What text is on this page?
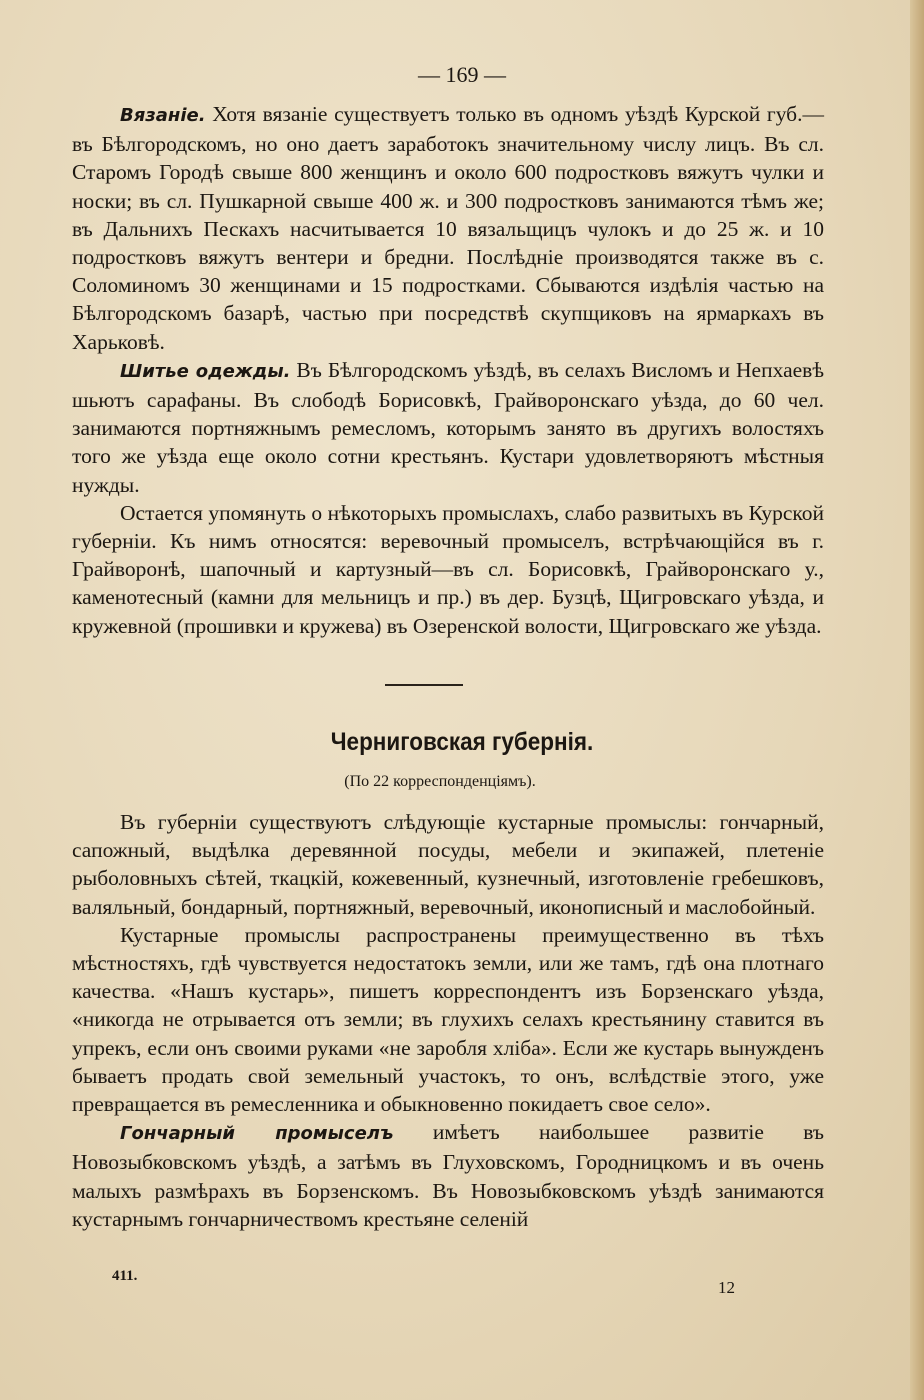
— 169 —

Вязаніе. Хотя вязаніе существуетъ только въ одномъ уѣздѣ Курской губ.—въ Бѣлгородскомъ, но оно даетъ заработокъ значительному числу лицъ. Въ сл. Старомъ Городѣ свыше 800 женщинъ и около 600 подростковъ вяжутъ чулки и носки; въ сл. Пушкарной свыше 400 ж. и 300 подростковъ занимаются тѣмъ же; въ Дальнихъ Пескахъ насчитывается 10 вязальщицъ чулокъ и до 25 ж. и 10 подростковъ вяжутъ вентери и бредни. Послѣдніе производятся также въ с. Соломиномъ 30 женщинами и 15 подростками. Сбываются издѣлія частью на Бѣлгородскомъ базарѣ, частью при посредствѣ скупщиковъ на ярмаркахъ въ Харьковѣ.

Шитье одежды. Въ Бѣлгородскомъ уѣздѣ, въ селахъ Висломъ и Непхаевѣ шьютъ сарафаны. Въ слободѣ Борисовкѣ, Грайворонскаго уѣзда, до 60 чел. занимаются портняжнымъ ремесломъ, которымъ занято въ другихъ волостяхъ того же уѣзда еще около сотни крестьянъ. Кустари удовлетворяютъ мѣстныя нужды.

Остается упомянуть о нѣкоторыхъ промыслахъ, слабо развитыхъ въ Курской губерніи. Къ нимъ относятся: веревочный промыселъ, встрѣчающійся въ г. Грайворонѣ, шапочный и картузный—въ сл. Борисовкѣ, Грайворонскаго у., каменотесный (камни для мельницъ и пр.) въ дер. Бузцѣ, Щигровскаго уѣзда, и кружевной (прошивки и кружева) въ Озеренской волости, Щигровскаго же уѣзда.

Черниговская губернія.
(По 22 корреспонденціямъ).

Въ губерніи существуютъ слѣдующіе кустарные промыслы: гончарный, сапожный, выдѣлка деревянной посуды, мебели и экипажей, плетеніе рыболовныхъ сѣтей, ткацкій, кожевенный, кузнечный, изготовленіе гребешковъ, валяльный, бондарный, портняжный, веревочный, иконописный и маслобойный.

Кустарные промыслы распространены преимущественно въ тѣхъ мѣстностяхъ, гдѣ чувствуется недостатокъ земли, или же тамъ, гдѣ она плотнаго качества. «Нашъ кустарь», пишетъ корреспондентъ изъ Борзенскаго уѣзда, «никогда не отрывается отъ земли; въ глухихъ селахъ крестьянину ставится въ упрекъ, если онъ своими руками «не заробля хліба». Если же кустарь вынужденъ бываетъ продать свой земельный участокъ, то онъ, вслѣдствіе этого, уже превращается въ ремесленника и обыкновенно покидаетъ свое село».

Гончарный промыселъ имѣетъ наибольшее развитіе въ Новозыбковскомъ уѣздѣ, а затѣмъ въ Глуховскомъ, Городницкомъ и въ очень малыхъ размѣрахъ въ Борзенскомъ. Въ Новозыбковскомъ уѣздѣ занимаются кустарнымъ гончарничествомъ крестьяне селеній

411.
12
